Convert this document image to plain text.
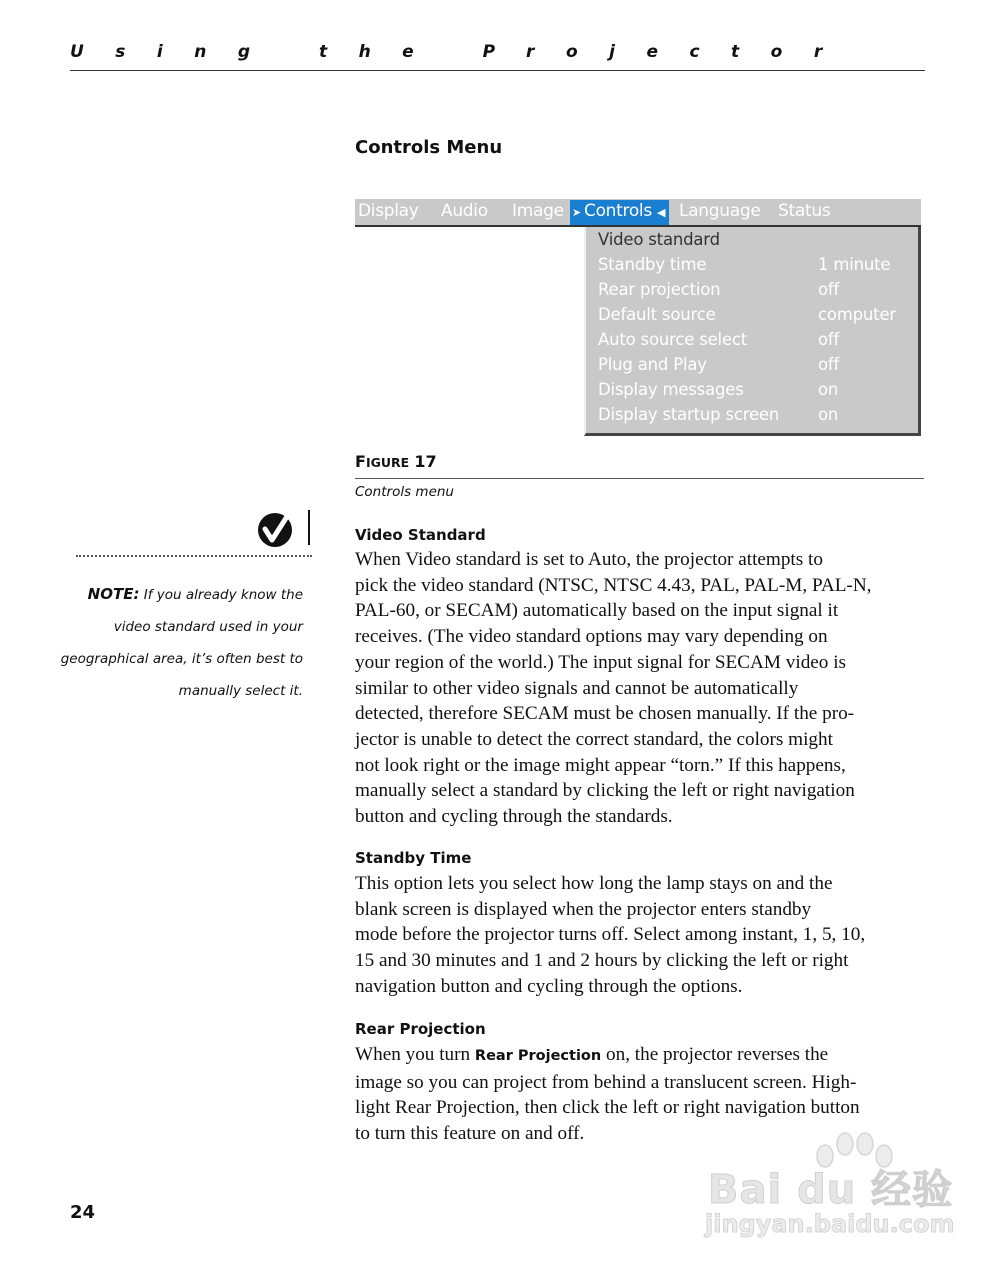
Using the Projector
Controls Menu
Display Audio Image ➤ Controls ◀ Language Status
Video standard
Standby time	1 minute
Rear projection	off
Default source	computer
Auto source select	off
Plug and Play	off
Display messages	on
Display startup screen on
FIGURE 17
Controls menu
NOTE: If you already know the
video standard used in your
geographical area, it’s often best to
manually select it.
Video Standard
When Video standard is set to Auto, the projector attempts to
pick the video standard (NTSC, NTSC 4.43, PAL, PAL-M, PAL-N,
PAL-60, or SECAM) automatically based on the input signal it
receives. (The video standard options may vary depending on
your region of the world.) The input signal for SECAM video is
similar to other video signals and cannot be automatically
detected, therefore SECAM must be chosen manually. If the pro-
jector is unable to detect the correct standard, the colors might
not look right or the image might appear “torn.” If this happens,
manually select a standard by clicking the left or right navigation
button and cycling through the standards.
Standby Time
This option lets you select how long the lamp stays on and the
blank screen is displayed when the projector enters standby
mode before the projector turns off. Select among instant, 1, 5, 10,
15 and 30 minutes and 1 and 2 hours by clicking the left or right
navigation button and cycling through the options.
Rear Projection
When you turn Rear Projection on, the projector reverses the
image so you can project from behind a translucent screen. High-
light Rear Projection, then click the left or right navigation button
to turn this feature on and off.
24	Bai du 经验
jingyan.baidu.com
